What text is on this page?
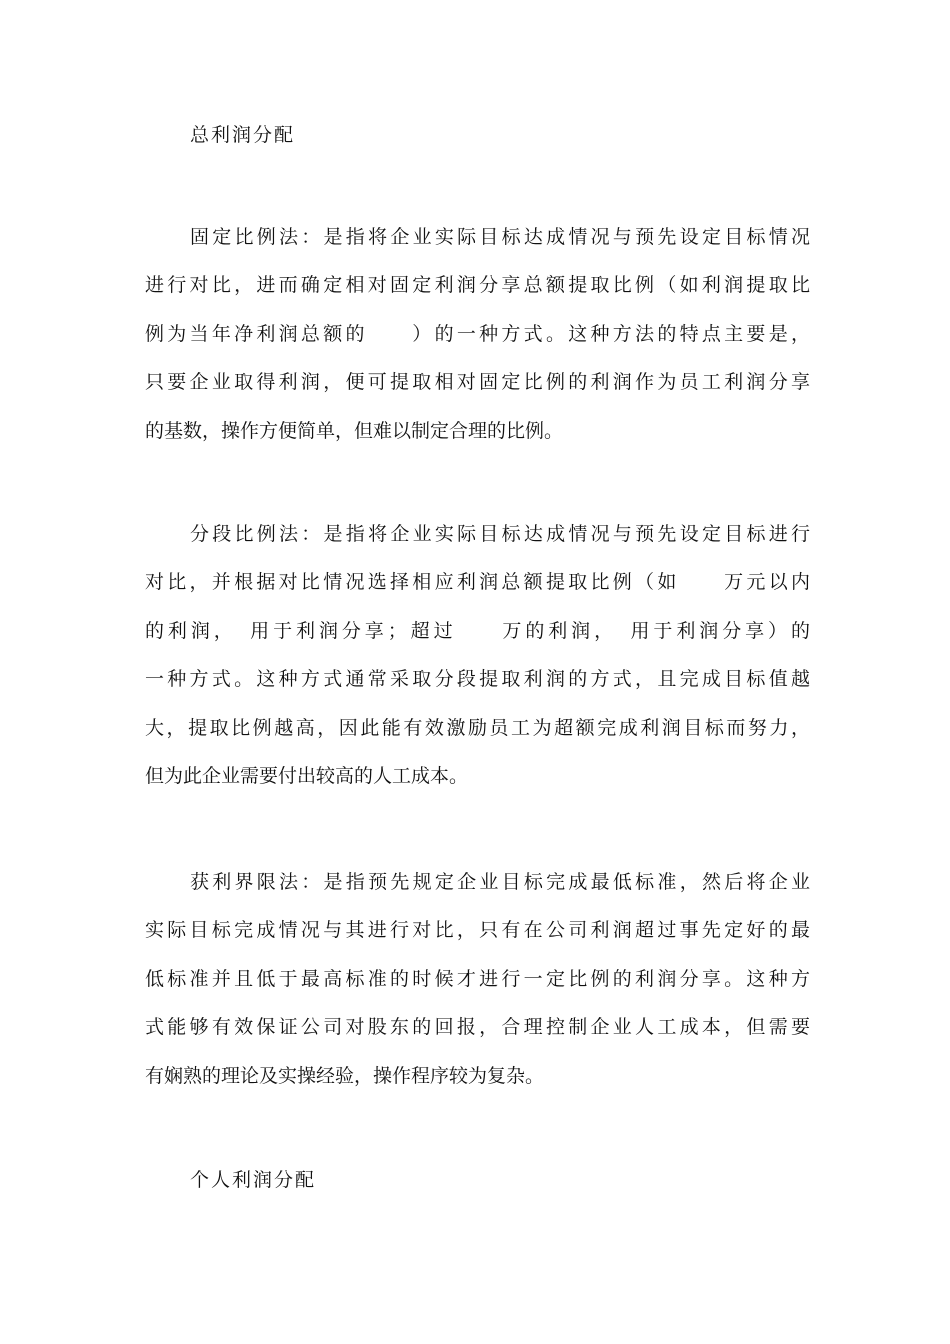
总利润分配
固定比例法：是指将企业实际目标达成情况与预先设定目标情况
进行对比，进而确定相对固定利润分享总额提取比例（如利润提取比
例为当年净利润总额的　　）的一种方式。这种方法的特点主要是，
只要企业取得利润，便可提取相对固定比例的利润作为员工利润分享
的基数，操作方便简单，但难以制定合理的比例。
分段比例法：是指将企业实际目标达成情况与预先设定目标进行
对比，并根据对比情况选择相应利润总额提取比例（如　　万元以内
的利润，　用于利润分享；超过　　万的利润，　用于利润分享）的
一种方式。这种方式通常采取分段提取利润的方式，且完成目标值越
大，提取比例越高，因此能有效激励员工为超额完成利润目标而努力，
但为此企业需要付出较高的人工成本。
获利界限法：是指预先规定企业目标完成最低标准，然后将企业
实际目标完成情况与其进行对比，只有在公司利润超过事先定好的最
低标准并且低于最高标准的时候才进行一定比例的利润分享。这种方
式能够有效保证公司对股东的回报，合理控制企业人工成本，但需要
有娴熟的理论及实操经验，操作程序较为复杂。
个人利润分配
